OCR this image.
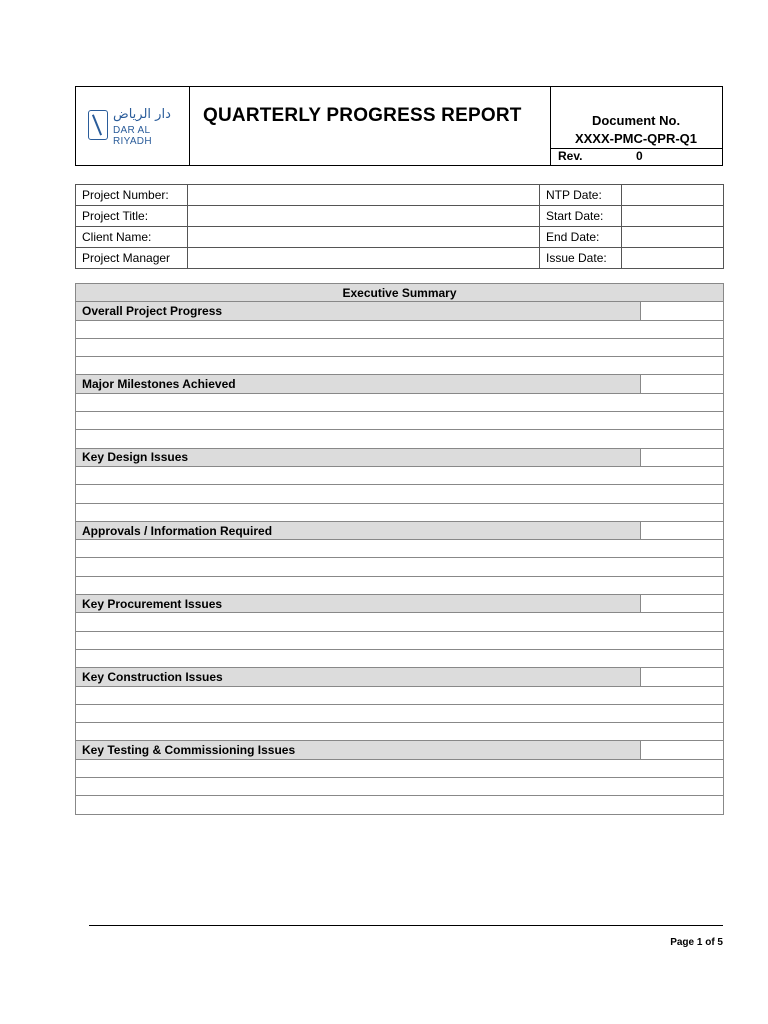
دار الرياض
DAR AL RIYADH
QUARTERLY PROGRESS REPORT	Document No.
XXXX-PMC-QPR-Q1
Rev.	0
Project Number:		NTP Date:	
Project Title:		Start Date:	
Client Name:		End Date:	
Project Manager		Issue Date:	
Executive Summary	
Overall Project Progress	

Major Milestones Achieved	

Key Design Issues	

Approvals / Information Required	

Key Procurement Issues	

Key Construction Issues	

Key Testing & Commissioning Issues	

Page 1 of 5
